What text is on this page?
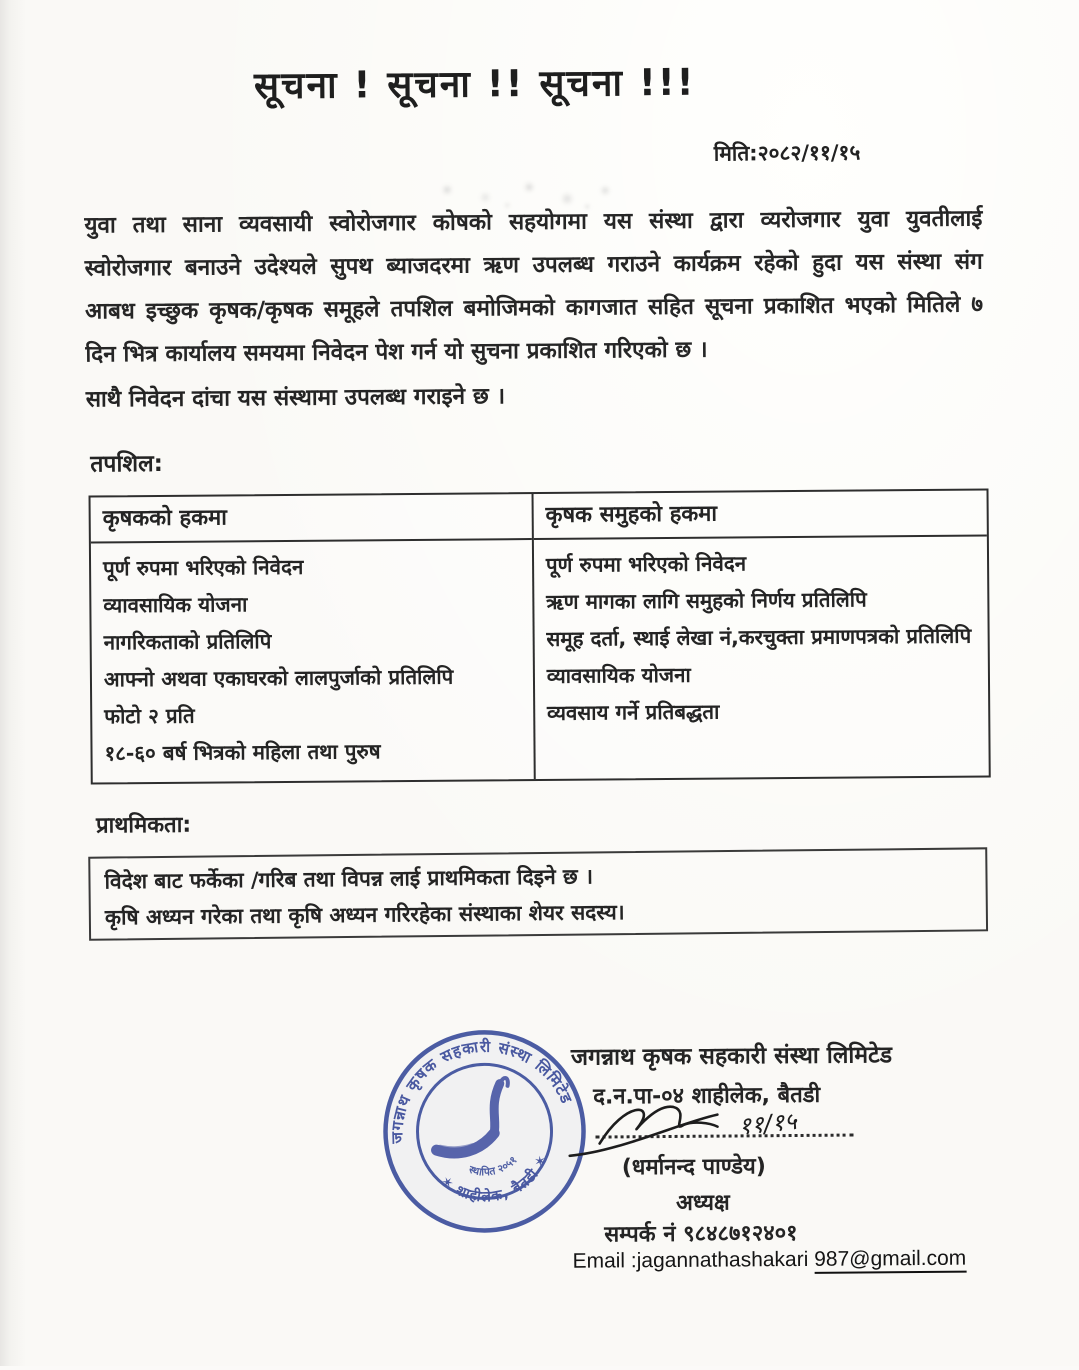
सूचना ! सूचना !! सूचना !!!
मिति:२०८२/११/१५
युवा तथा साना व्यवसायी स्वोरोजगार कोषको सहयोगमा यस संस्था द्वारा व्यरोजगार युवा युवतीलाई
स्वोरोजगार बनाउने उदेश्यले सुपथ ब्याजदरमा ऋण उपलब्ध गराउने कार्यक्रम रहेको हुदा यस संस्था संग
आबध इच्छुक कृषक/कृषक समूहले तपशिल बमोजिमको कागजात सहित सूचना प्रकाशित भएको मितिले ७
दिन भित्र कार्यालय समयमा निवेदन पेश गर्न यो सुचना प्रकाशित गरिएको छ ।
साथै निवेदन दांचा यस संस्थामा उपलब्ध गराइने छ ।
तपशिल:
कृषकको हकमा
पूर्ण रुपमा भरिएको निवेदन
व्यावसायिक योजना
नागरिकताको प्रतिलिपि
आफ्नो अथवा एकाघरको लालपुर्जाको प्रतिलिपि
फोटो २ प्रति
१८-६० बर्ष भित्रको महिला तथा पुरुष
कृषक समुहको हकमा
पूर्ण रुपमा भरिएको निवेदन
ऋण मागका लागि समुहको निर्णय प्रतिलिपि
समूह दर्ता, स्थाई लेखा नं,करचुक्ता प्रमाणपत्रको प्रतिलिपि
व्यावसायिक योजना
व्यवसाय गर्ने प्रतिबद्धता
प्राथमिकता:
विदेश बाट फर्केका /गरिब तथा विपन्न लाई प्राथमिकता दिइने छ ।
कृषि अध्यन गरेका तथा कृषि अध्यन गरिरहेका संस्थाका शेयर सदस्य।
जगन्नाथ कृषक सहकारी संस्था लिमिटेड
✶ शाहीलेक, बैतडी ✶
स्थापित २०५१
जगन्नाथ कृषक सहकारी संस्था लिमिटेड
द.न.पा-०४ शाहीलेक, बैतडी
११/१५
(धर्मानन्द पाण्डेय)
अध्यक्ष
सम्पर्क नं ९८४८७१२४०१
Email :jagannathashakari 987@gmail.com
